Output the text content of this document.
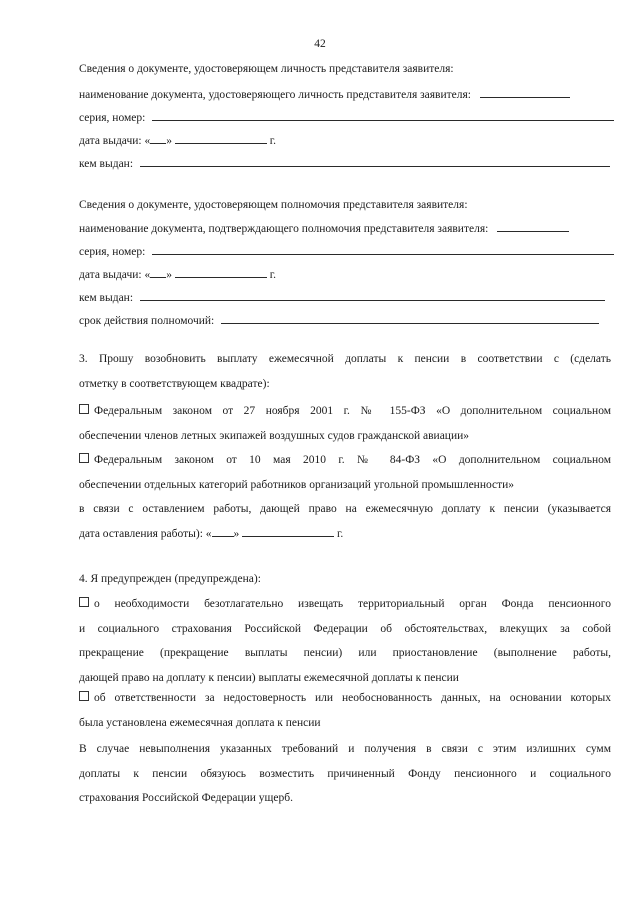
42
Сведения о документе, удостоверяющем личность представителя заявителя:
наименование документа, удостоверяющего личность представителя заявителя:
серия, номер:
дата выдачи: « »	г.
кем выдан:
Сведения о документе, удостоверяющем полномочия представителя заявителя:
наименование документа, подтверждающего полномочия представителя заявителя:
серия, номер:
дата выдачи: « »	г.
кем выдан:
срок действия полномочий:
3. Прошу возобновить выплату ежемесячной доплаты к пенсии в соответствии с (сделать
отметку в соответствующем квадрате):
Федеральным законом от 27 ноября 2001 г. № 155-ФЗ «О дополнительном социальном
обеспечении членов летных экипажей воздушных судов гражданской авиации»
Федеральным законом от 10 мая 2010 г. № 84-ФЗ «О дополнительном социальном
обеспечении отдельных категорий работников организаций угольной промышленности»
в связи с оставлением работы, дающей право на ежемесячную доплату к пенсии (указывается
дата оставления работы): « »	г.
4. Я предупрежден (предупреждена):
о необходимости безотлагательно извещать территориальный орган Фонда пенсионного
и социального страхования Российской Федерации об обстоятельствах, влекущих за собой
прекращение (прекращение выплаты пенсии) или приостановление (выполнение работы,
дающей право на доплату к пенсии) выплаты ежемесячной доплаты к пенсии
об ответственности за недостоверность или необоснованность данных, на основании которых
была установлена ежемесячная доплата к пенсии
В случае невыполнения указанных требований и получения в связи с этим излишних сумм
доплаты к пенсии обязуюсь возместить причиненный Фонду пенсионного и социального
страхования Российской Федерации ущерб.
